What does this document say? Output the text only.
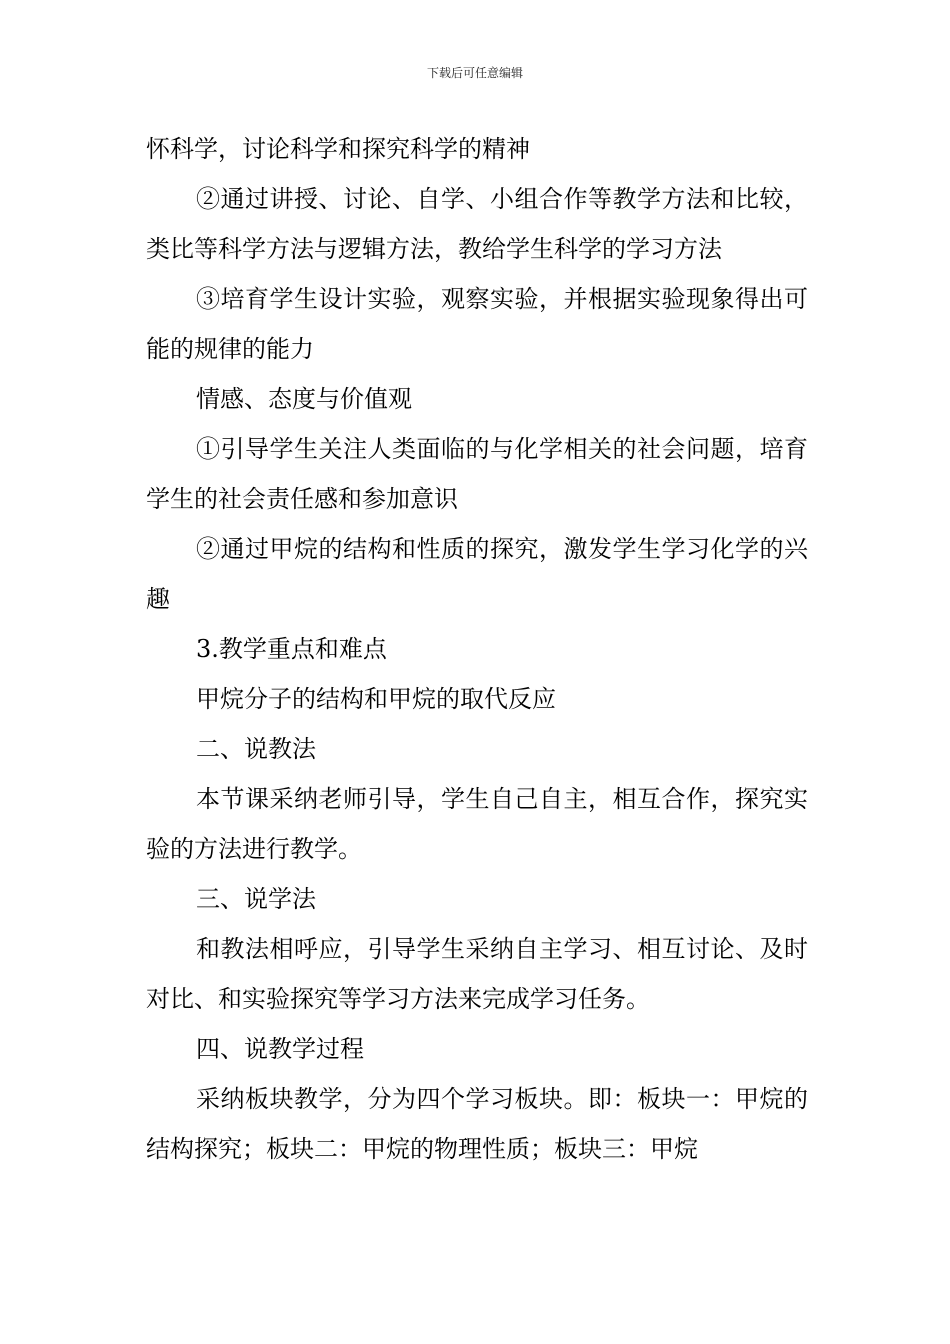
下载后可任意编辑

怀科学，讨论科学和探究科学的精神

②通过讲授、讨论、自学、小组合作等教学方法和比较，类比等科学方法与逻辑方法，教给学生科学的学习方法

③培育学生设计实验，观察实验，并根据实验现象得出可能的规律的能力

情感、态度与价值观

①引导学生关注人类面临的与化学相关的社会问题，培育学生的社会责任感和参加意识

②通过甲烷的结构和性质的探究，激发学生学习化学的兴趣

3.教学重点和难点

甲烷分子的结构和甲烷的取代反应

二、说教法

本节课采纳老师引导，学生自己自主，相互合作，探究实验的方法进行教学。

三、说学法

和教法相呼应，引导学生采纳自主学习、相互讨论、及时对比、和实验探究等学习方法来完成学习任务。

四、说教学过程

采纳板块教学，分为四个学习板块。即：板块一：甲烷的结构探究；板块二：甲烷的物理性质；板块三：甲烷
